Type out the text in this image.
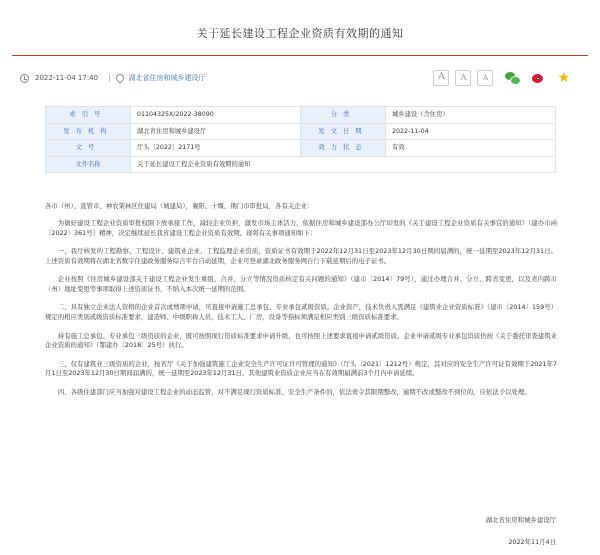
关于延长建设工程企业资质有效期的通知
2022-11-04 17:40 |	湖北省住房和城乡建设厅	A	A	A	★
索引号	01104325X/2022-38090	分类	城乡建设（含住房）
发布机构	湖北省住房和城乡建设厅	发文日期	2022-11-04
文号	厅头〔2022〕2171号	效力状态	有效
文件名称	关于延长建设工程企业资质有效期的通知		

各市（州）、直管市、神农架林区住建局（城建局），襄阳、十堰、荆门市审批局，各有关企业：

为做好建设工程企业资质审批权限下放承接工作，减轻企业负担，激发市场主体活力，依据住房和城乡建设部办公厅印发的《关于建设工程企业资质有关事宜的通知》（建办市函〔2022〕361号）精神，决定继续延长我省建设工程企业资质有效期。现将有关事项通知如下：

一、我厅核发的工程勘察、工程设计、建筑业企业、工程监理企业资质，资质证书有效期于2022年12月31日至2023年12月30日期间届满的，统一延期至2023年12月31日。上述资质有效期将在湖北省数字住建政务服务综合平台自动延期，企业可登录湖北政务服务网自行下载延期后的电子证书。

企业按照《住房城乡建设部关于建设工程企业发生重组、合并、分立等情况资质核定有关问题的通知》（建市〔2014〕79号），通过办理合并、分立、跨省变更，以及省内跨市（州）地址变更等事项取得上述资质证书，不纳入本次统一延期的范围。

二、具有独立企业法人资格的企业首次或增项申请，可直接申请施工总承包、专业承包贰级资质。企业资产，技术负责人需满足《建筑业企业资质标准》（建市〔2014〕159号）规定的相应类别贰级资质标准要求，建造师、中级职称人员，技术工人、厂房，设备等指标须满足相应类别三级资质标准要求。

持有施工总承包、专业承包三级资质的企业，既可按照现行资质标准要求申请升级，也可按照上述要求直接申请贰级资质。企业申请贰级专业承包资质仍按《关于委托审查建筑业企业资质的通知》（鄂建办〔2018〕25号）执行。

三、仅有建筑业三级资质的企业，按省厅《关于加强建筑施工企业安全生产许可证许可管理的通知》（厅头〔2021〕1212号）规定，其对应的安全生产许可证有效期于2021年7月1日至2023年12月30日期间届满的，统一延期至2023年12月31日。其他建筑业资质企业应当在有效期届满前3个月内申请延续。

四、各级住建部门应当加强对建设工程企业的动态监管，对不满足现行资质标准、安全生产条件的，依法责令其限期整改，逾期不改或整改不到位的，应依法予以处理。

湖北省住房和城乡建设厅
2022年11月4日
